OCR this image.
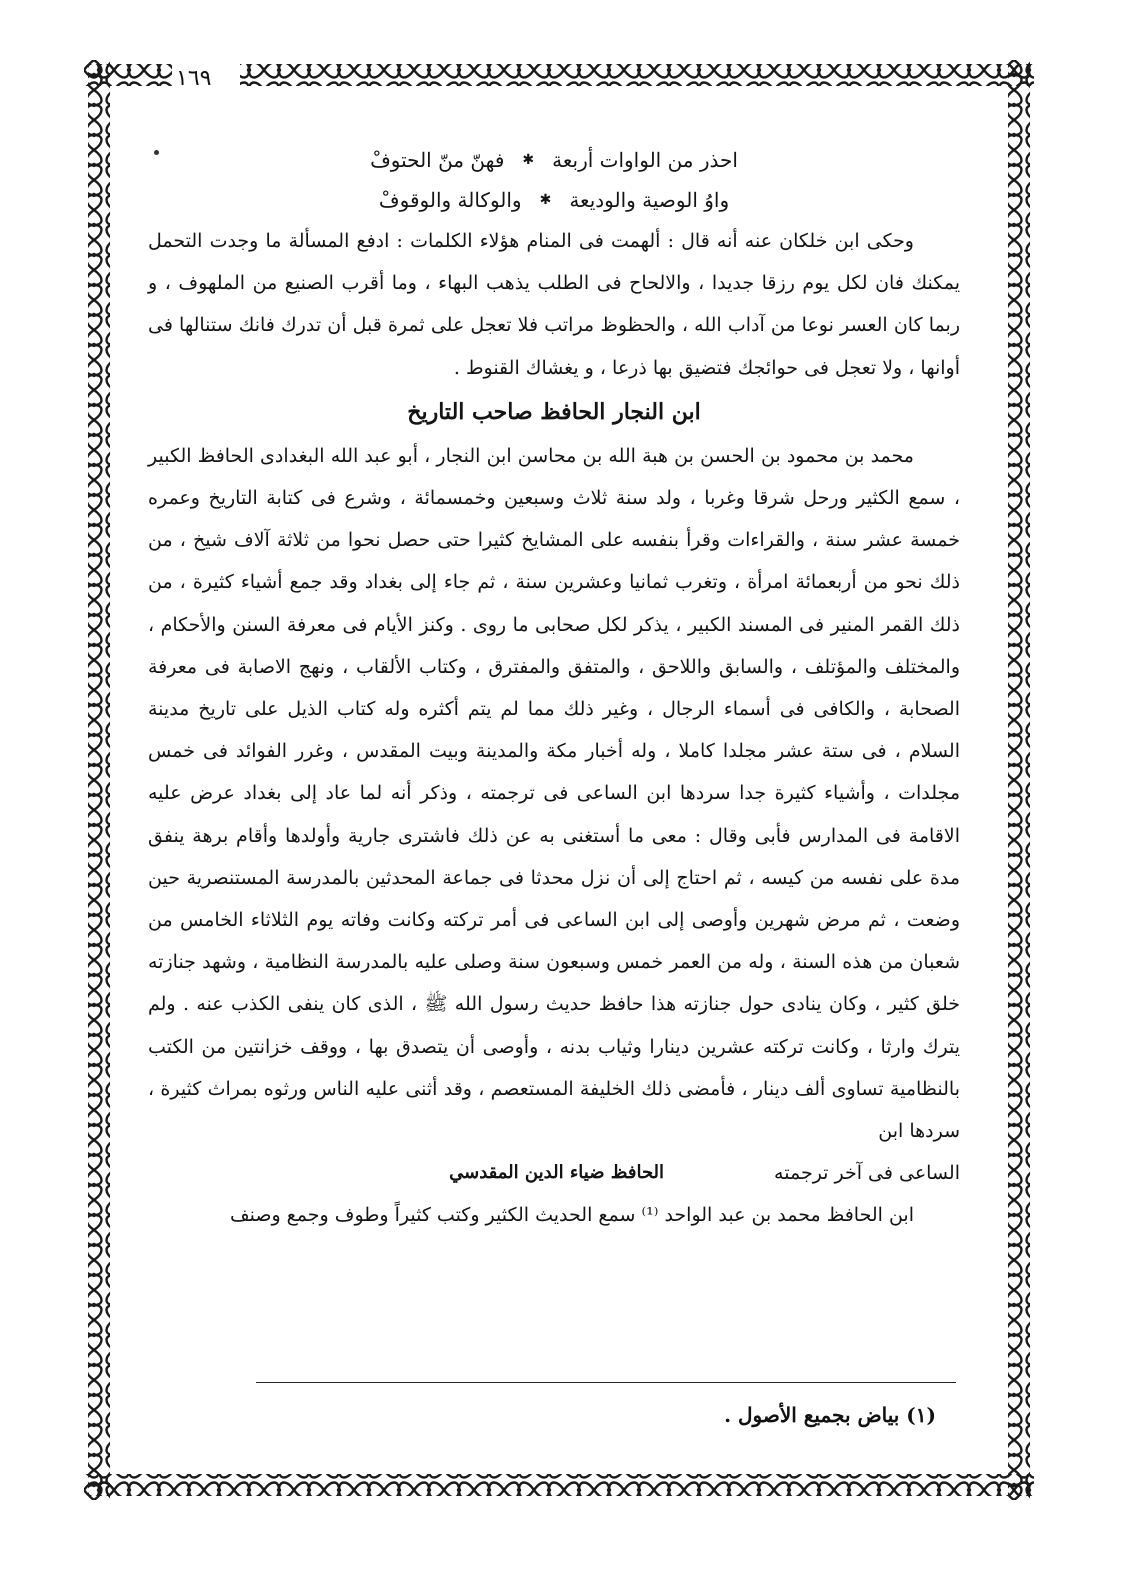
١٦٩
احذر من الواوات أربعة
✱
فهنّ منّ الحتوفْ
واوُ الوصية والوديعة
✱
والوكالة والوقوفْ

وحكى ابن خلكان عنه أنه قال : ألهمت فى المنام هؤلاء الكلمات : ادفع المسألة ما وجدت التحمل يمكنك فان لكل يوم رزقا جديدا ، والالحاح فى الطلب يذهب البهاء ، وما أقرب الصنيع من الملهوف ، و ربما كان العسر نوعا من آداب الله ، والحظوظ مراتب فلا تعجل على ثمرة قبل أن تدرك فانك ستنالها فى أوانها ، ولا تعجل فى حوائجك فتضيق بها ذرعا ، و يغشاك القنوط .

ابن النجار الحافظ صاحب التاريخ

محمد بن محمود بن الحسن بن هبة الله بن محاسن ابن النجار ، أبو عبد الله البغدادى الحافظ الكبير ، سمع الكثير ورحل شرقا وغربا ، ولد سنة ثلاث وسبعين وخمسمائة ، وشرع فى كتابة التاريخ وعمره خمسة عشر سنة ، والقراءات وقرأ بنفسه على المشايخ كثيرا حتى حصل نحوا من ثلاثة آلاف شيخ ، من ذلك نحو من أربعمائة امرأة ، وتغرب ثمانيا وعشرين سنة ، ثم جاء إلى بغداد وقد جمع أشياء كثيرة ، من ذلك القمر المنير فى المسند الكبير ، يذكر لكل صحابى ما روى . وكنز الأيام فى معرفة السنن والأحكام ، والمختلف والمؤتلف ، والسابق واللاحق ، والمتفق والمفترق ، وكتاب الألقاب ، ونهج الاصابة فى معرفة الصحابة ، والكافى فى أسماء الرجال ، وغير ذلك مما لم يتم أكثره وله كتاب الذيل على تاريخ مدينة السلام ، فى ستة عشر مجلدا كاملا ، وله أخبار مكة والمدينة وبيت المقدس ، وغرر الفوائد فى خمس مجلدات ، وأشياء كثيرة جدا سردها ابن الساعى فى ترجمته ، وذكر أنه لما عاد إلى بغداد عرض عليه الاقامة فى المدارس فأبى وقال : معى ما أستغنى به عن ذلك فاشترى جارية وأولدها وأقام برهة ينفق مدة على نفسه من كيسه ، ثم احتاج إلى أن نزل محدثا فى جماعة المحدثين بالمدرسة المستنصرية حين وضعت ، ثم مرض شهرين وأوصى إلى ابن الساعى فى أمر تركته وكانت وفاته يوم الثلاثاء الخامس من شعبان من هذه السنة ، وله من العمر خمس وسبعون سنة وصلى عليه بالمدرسة النظامية ، وشهد جنازته خلق كثير ، وكان ينادى حول جنازته هذا حافظ حديث رسول الله ﷺ ، الذى كان ينفى الكذب عنه . ولم يترك وارثا ، وكانت تركته عشرين دينارا وثياب بدنه ، وأوصى أن يتصدق بها ، ووقف خزانتين من الكتب بالنظامية تساوى ألف دينار ، فأمضى ذلك الخليفة المستعصم ، وقد أثنى عليه الناس ورثوه بمراث كثيرة ، سردها ابن

الساعى فى آخر ترجمته
الحافظ ضياء الدين المقدسي

ابن الحافظ محمد بن عبد الواحد ⁽¹⁾ سمع الحديث الكثير وكتب كثيراً وطوف وجمع وصنف

(١) بياض بجميع الأصول .
